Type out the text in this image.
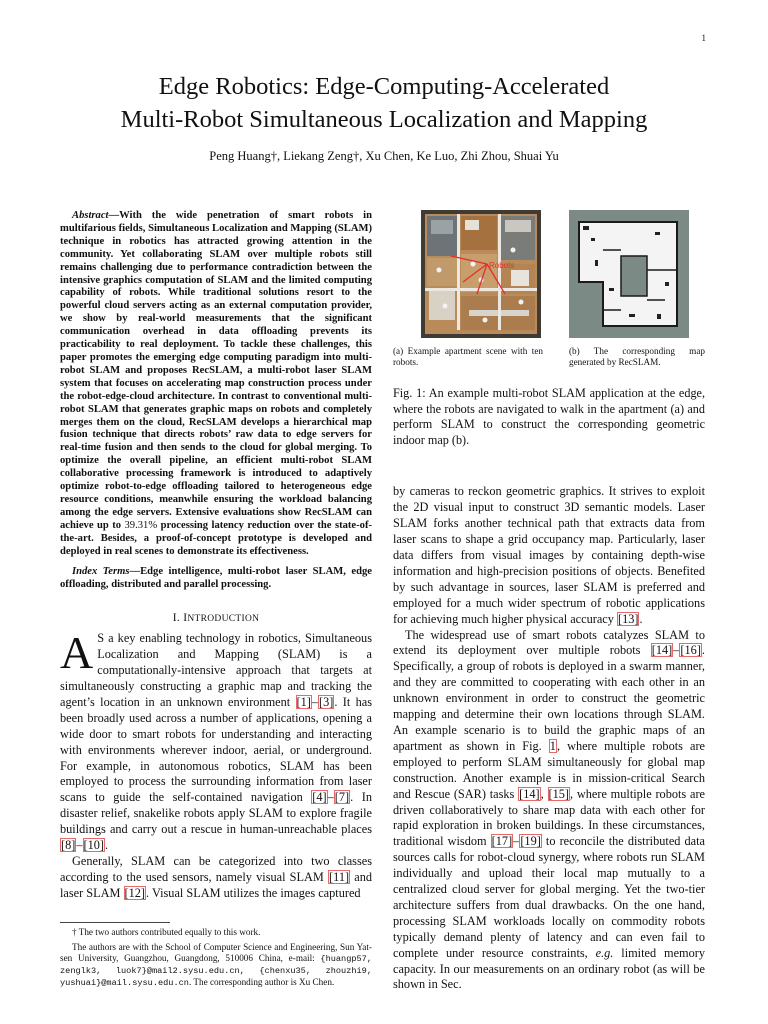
1
Edge Robotics: Edge-Computing-Accelerated
Multi-Robot Simultaneous Localization and Mapping
Peng Huang†, Liekang Zeng†, Xu Chen, Ke Luo, Zhi Zhou, Shuai Yu

Abstract—With the wide penetration of smart robots in multifarious fields, Simultaneous Localization and Mapping (SLAM) technique in robotics has attracted growing attention in the community. Yet collaborating SLAM over multiple robots still remains challenging due to performance contradiction between the intensive graphics computation of SLAM and the limited computing capability of robots. While traditional solutions resort to the powerful cloud servers acting as an external computation provider, we show by real-world measurements that the significant communication overhead in data offloading prevents its practicability to real deployment. To tackle these challenges, this paper promotes the emerging edge computing paradigm into multi-robot SLAM and proposes RecSLAM, a multi-robot laser SLAM system that focuses on accelerating map construction process under the robot-edge-cloud architecture. In contrast to conventional multi-robot SLAM that generates graphic maps on robots and completely merges them on the cloud, RecSLAM develops a hierarchical map fusion technique that directs robots’ raw data to edge servers for real-time fusion and then sends to the cloud for global merging. To optimize the overall pipeline, an efficient multi-robot SLAM collaborative processing framework is introduced to adaptively optimize robot-to-edge offloading tailored to heterogeneous edge resource conditions, meanwhile ensuring the workload balancing among the edge servers. Extensive evaluations show RecSLAM can achieve up to 39.31% processing latency reduction over the state-of-the-art. Besides, a proof-of-concept prototype is developed and deployed in real scenes to demonstrate its effectiveness.

Index Terms—Edge intelligence, multi-robot laser SLAM, edge offloading, distributed and parallel processing.

I. INTRODUCTION

A S a key enabling technology in robotics, Simultaneous Localization and Mapping (SLAM) is a computationally-intensive approach that targets at simultaneously constructing a graphic map and tracking the agent’s location in an unknown environment [1]–[3]. It has been broadly used across a number of applications, opening a wide door to smart robots for understanding and interacting with environments wherever indoor, aerial, or underground. For example, in autonomous robotics, SLAM has been employed to process the surrounding information from laser scans to guide the self-contained navigation [4]–[7]. In disaster relief, snakelike robots apply SLAM to explore fragile buildings and carry out a rescue in human-unreachable places [8]–[10].

Generally, SLAM can be categorized into two classes according to the used sensors, namely visual SLAM [11] and laser SLAM [12]. Visual SLAM utilizes the images captured

† The two authors contributed equally to this work.

The authors are with the School of Computer Science and Engineering, Sun Yat-sen University, Guangzhou, Guangdong, 510006 China, e-mail: {huangp57, zenglk3, luok7}@mail2.sysu.edu.cn, {chenxu35, zhouzhi9, yushuai}@mail.sysu.edu.cn. The corresponding author is Xu Chen.

Robots
(a) Example apartment scene with ten robots.
(b) The corresponding map generated by RecSLAM.

Fig. 1: An example multi-robot SLAM application at the edge, where the robots are navigated to walk in the apartment (a) and perform SLAM to construct the corresponding geometric indoor map (b).

by cameras to reckon geometric graphics. It strives to exploit the 2D visual input to construct 3D semantic models. Laser SLAM forks another technical path that extracts data from laser scans to shape a grid occupancy map. Particularly, laser data differs from visual images by containing depth-wise information and high-precision positions of objects. Benefited by such advantage in sources, laser SLAM is preferred and employed for a much wider spectrum of robotic applications for achieving much higher physical accuracy [13].

The widespread use of smart robots catalyzes SLAM to extend its deployment over multiple robots [14]–[16]. Specifically, a group of robots is deployed in a swarm manner, and they are committed to cooperating with each other in an unknown environment in order to construct the geometric mapping and determine their own locations through SLAM. An example scenario is to build the graphic maps of an apartment as shown in Fig. 1, where multiple robots are employed to perform SLAM simultaneously for global map construction. Another example is in mission-critical Search and Rescue (SAR) tasks [14], [15], where multiple robots are driven collaboratively to share map data with each other for rapid exploration in broken buildings. In these circumstances, traditional wisdom [17]–[19] to reconcile the distributed data sources calls for robot-cloud synergy, where robots run SLAM individually and upload their local map mutually to a centralized cloud server for global merging. Yet the two-tier architecture suffers from dual drawbacks. On the one hand, processing SLAM workloads locally on commodity robots typically demand plenty of latency and can even fail to complete under resource constraints, e.g. limited memory capacity. In our measurements on an ordinary robot (as will be shown in Sec.
